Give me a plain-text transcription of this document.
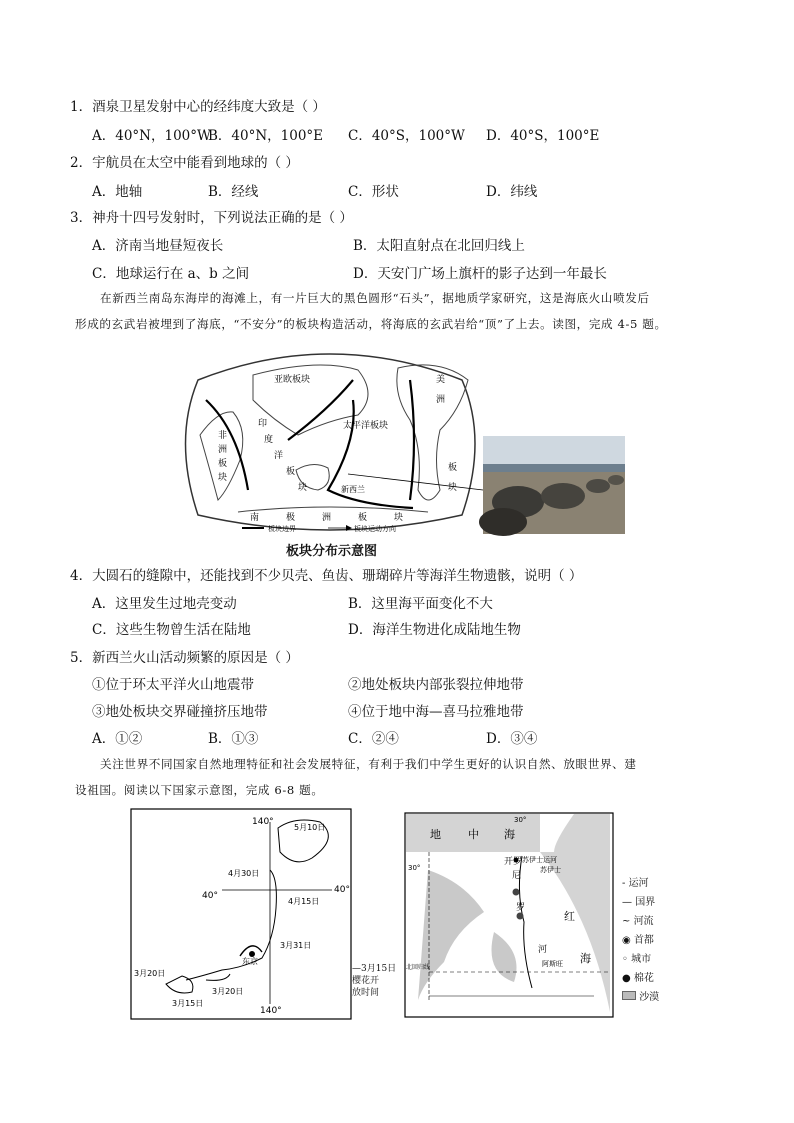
1．酒泉卫星发射中心的经纬度大致是（ ）
A．40°N，100°W
B．40°N，100°E C．40°S，100°W D．40°S，100°E
2．宇航员在太空中能看到地球的（ ）
A．地轴	B．经线	C．形状	D．纬线
3．神舟十四号发射时，下列说法正确的是（ ）
A．济南当地昼短夜长	B．太阳直射点在北回归线上
C．地球运行在 a、b 之间	D．天安门广场上旗杆的影子达到一年最长
在新西兰南岛东海岸的海滩上，有一片巨大的黑色圆形“石头”，据地质学家研究，这是海底火山喷发后
形成的玄武岩被埋到了海底，“不安分”的板块构造活动，将海底的玄武岩给“顶”了上去。读图，完成 4-5 题。
亚欧板块
太平洋板块
美
洲
板
块
非
洲
板
块
印
度
洋
板
块
南	极	洲	板	块
新西兰
板块边界	板块运动方向
板块分布示意图
4．大圆石的缝隙中，还能找到不少贝壳、鱼齿、珊瑚碎片等海洋生物遗骸，说明（ ）
A．这里发生过地壳变动	B．这里海平面变化不大
C．这些生物曾生活在陆地	D．海洋生物进化成陆地生物
5．新西兰火山活动频繁的原因是（ ）
①位于环太平洋火山地震带	②地处板块内部张裂拉伸地带
③地处板块交界碰撞挤压地带	④位于地中海—喜马拉雅地带
A．①②	B．①③	C．②④	D．③④
关注世界不同国家自然地理特征和社会发展特征，有利于我们中学生更好的认识自然、放眼世界、建
设祖国。阅读以下国家示意图，完成 6-8 题。
140°
140°
40°
40°
5月10日
4月30日
4月15日
3月31日
3月20日
3月20日
3月15日
东京
—3月15日
樱花开
放时间
地 中 海
红
海
30°
30°
苏伊士运河
苏伊士
开罗
尼
罗
河
阿斯旺
北回归线
- 运河
— 国界
~ 河流
◉ 首都
◦ 城市
● 棉花
沙漠
